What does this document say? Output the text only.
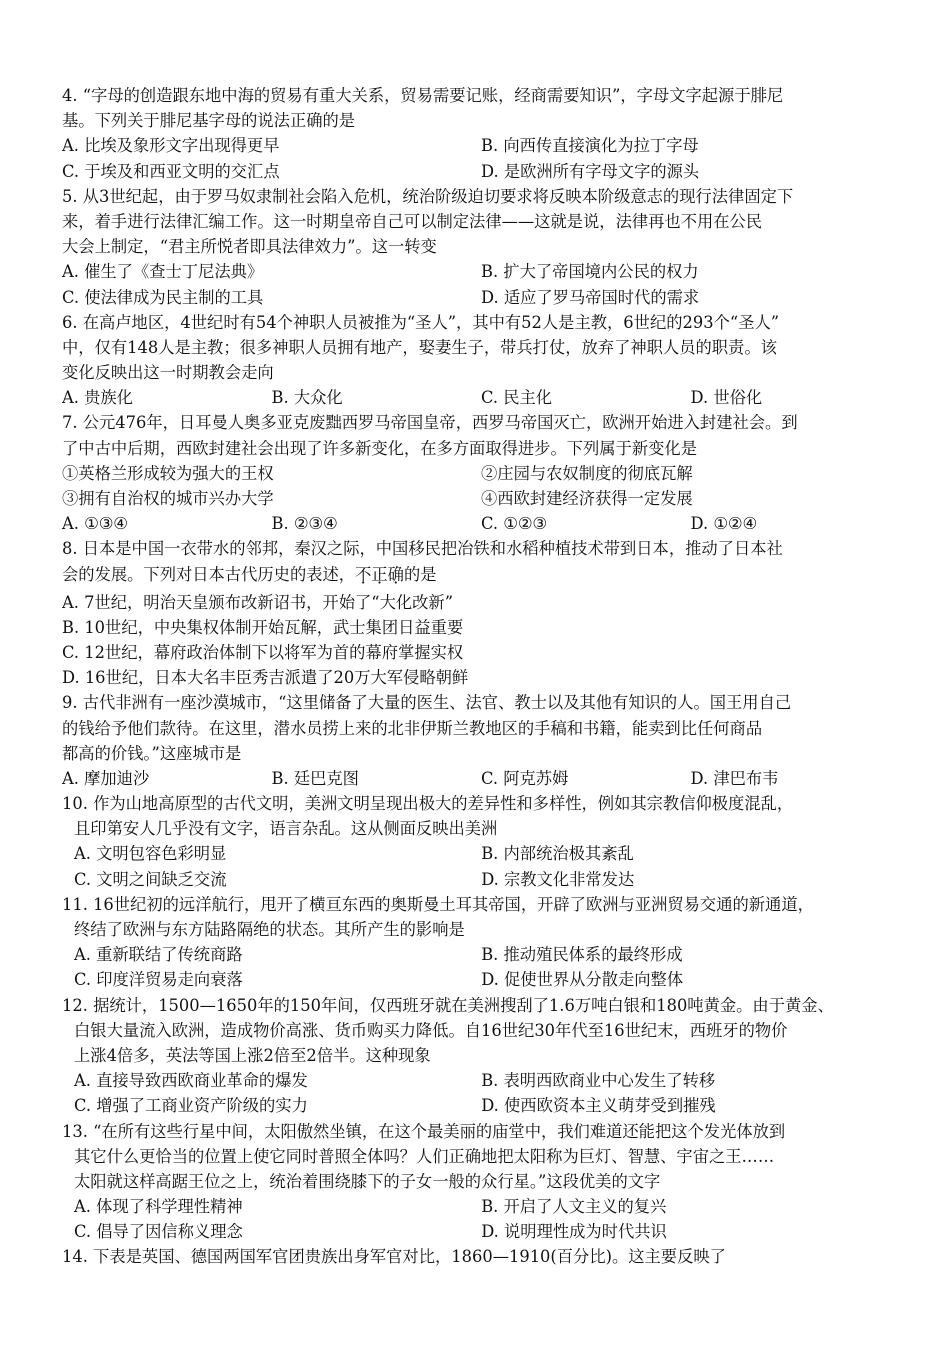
4. “字母的创造跟东地中海的贸易有重大关系，贸易需要记账，经商需要知识”，字母文字起源于腓尼
基。下列关于腓尼基字母的说法正确的是
A. 比埃及象形文字出现得更早	B. 向西传直接演化为拉丁字母
C. 于埃及和西亚文明的交汇点	D. 是欧洲所有字母文字的源头
5. 从3世纪起，由于罗马奴隶制社会陷入危机，统治阶级迫切要求将反映本阶级意志的现行法律固定下
来，着手进行法律汇编工作。这一时期皇帝自己可以制定法律——这就是说，法律再也不用在公民
大会上制定，“君主所悦者即具法律效力”。这一转变
A. 催生了《查士丁尼法典》	B. 扩大了帝国境内公民的权力
C. 使法律成为民主制的工具	D. 适应了罗马帝国时代的需求
6. 在高卢地区，4世纪时有54个神职人员被推为“圣人”，其中有52人是主教，6世纪的293个“圣人”
中，仅有148人是主教；很多神职人员拥有地产，娶妻生子，带兵打仗，放弃了神职人员的职责。该
变化反映出这一时期教会走向
A. 贵族化	B. 大众化	C. 民主化	D. 世俗化
7. 公元476年，日耳曼人奥多亚克废黜西罗马帝国皇帝，西罗马帝国灭亡，欧洲开始进入封建社会。到
了中古中后期，西欧封建社会出现了许多新变化，在多方面取得进步。下列属于新变化是
①英格兰形成较为强大的王权	②庄园与农奴制度的彻底瓦解
③拥有自治权的城市兴办大学	④西欧封建经济获得一定发展
A. ①③④	B. ②③④	C. ①②③	D. ①②④
8. 日本是中国一衣带水的邻邦，秦汉之际，中国移民把冶铁和水稻种植技术带到日本，推动了日本社
会的发展。下列对日本古代历史的表述，不正确的是
A. 7世纪，明治天皇颁布改新诏书，开始了“大化改新”
B. 10世纪，中央集权体制开始瓦解，武士集团日益重要
C. 12世纪，幕府政治体制下以将军为首的幕府掌握实权
D. 16世纪，日本大名丰臣秀吉派遣了20万大军侵略朝鲜
9. 古代非洲有一座沙漠城市，“这里储备了大量的医生、法官、教士以及其他有知识的人。国王用自己
的钱给予他们款待。在这里，潜水员捞上来的北非伊斯兰教地区的手稿和书籍，能卖到比任何商品
都高的价钱。”这座城市是
A. 摩加迪沙	B. 廷巴克图	C. 阿克苏姆	D. 津巴布韦
10. 作为山地高原型的古代文明，美洲文明呈现出极大的差异性和多样性，例如其宗教信仰极度混乱，
且印第安人几乎没有文字，语言杂乱。这从侧面反映出美洲
A. 文明包容色彩明显	B. 内部统治极其紊乱
C. 文明之间缺乏交流	D. 宗教文化非常发达
11. 16世纪初的远洋航行，甩开了横亘东西的奥斯曼土耳其帝国，开辟了欧洲与亚洲贸易交通的新通道，
终结了欧洲与东方陆路隔绝的状态。其所产生的影响是
A. 重新联结了传统商路	B. 推动殖民体系的最终形成
C. 印度洋贸易走向衰落	D. 促使世界从分散走向整体
12. 据统计，1500—1650年的150年间，仅西班牙就在美洲搜刮了1.6万吨白银和180吨黄金。由于黄金、
白银大量流入欧洲，造成物价高涨、货币购买力降低。自16世纪30年代至16世纪末，西班牙的物价
上涨4倍多，英法等国上涨2倍至2倍半。这种现象
A. 直接导致西欧商业革命的爆发	B. 表明西欧商业中心发生了转移
C. 增强了工商业资产阶级的实力	D. 使西欧资本主义萌芽受到摧残
13. “在所有这些行星中间，太阳傲然坐镇，在这个最美丽的庙堂中，我们难道还能把这个发光体放到
其它什么更恰当的位置上使它同时普照全体吗？人们正确地把太阳称为巨灯、智慧、宇宙之王……
太阳就这样高踞王位之上，统治着围绕膝下的子女一般的众行星。”这段优美的文字
A. 体现了科学理性精神	B. 开启了人文主义的复兴
C. 倡导了因信称义理念	D. 说明理性成为时代共识
14. 下表是英国、德国两国军官团贵族出身军官对比，1860—1910(百分比)。这主要反映了
